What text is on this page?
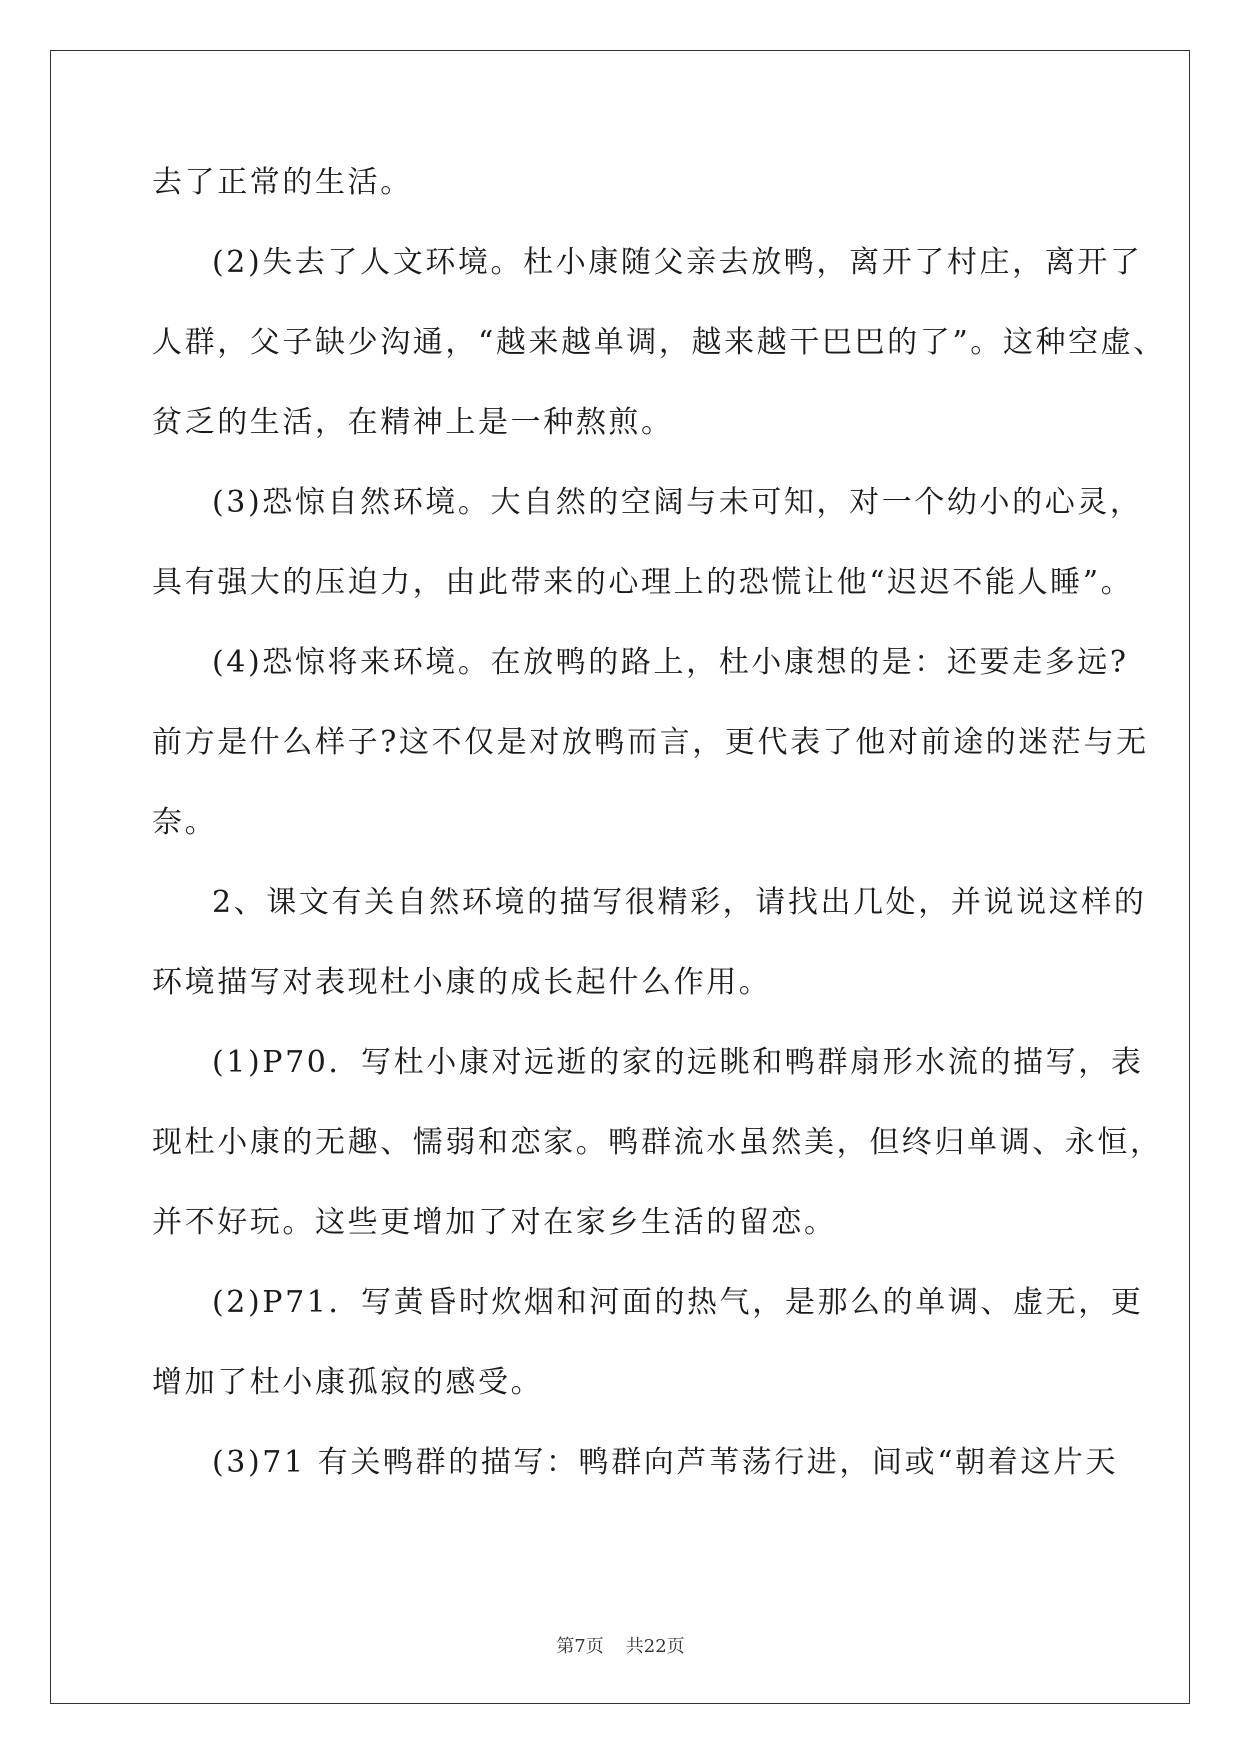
去了正常的生活。
(2)失去了人文环境。杜小康随父亲去放鸭，离开了村庄，离开了
人群，父子缺少沟通，“越来越单调，越来越干巴巴的了”。这种空虚、
贫乏的生活，在精神上是一种熬煎。
(3)恐惊自然环境。大自然的空阔与未可知，对一个幼小的心灵，
具有强大的压迫力，由此带来的心理上的恐慌让他“迟迟不能人睡”。
(4)恐惊将来环境。在放鸭的路上，杜小康想的是：还要走多远?
前方是什么样子?这不仅是对放鸭而言，更代表了他对前途的迷茫与无
奈。
2、课文有关自然环境的描写很精彩，请找出几处，并说说这样的
环境描写对表现杜小康的成长起什么作用。
(1)P70．写杜小康对远逝的家的远眺和鸭群扇形水流的描写，表
现杜小康的无趣、懦弱和恋家。鸭群流水虽然美，但终归单调、永恒，
并不好玩。这些更增加了对在家乡生活的留恋。
(2)P71．写黄昏时炊烟和河面的热气，是那么的单调、虚无，更
增加了杜小康孤寂的感受。
(3)71 有关鸭群的描写：鸭群向芦苇荡行进，间或“朝着这片天
第7页 共22页
